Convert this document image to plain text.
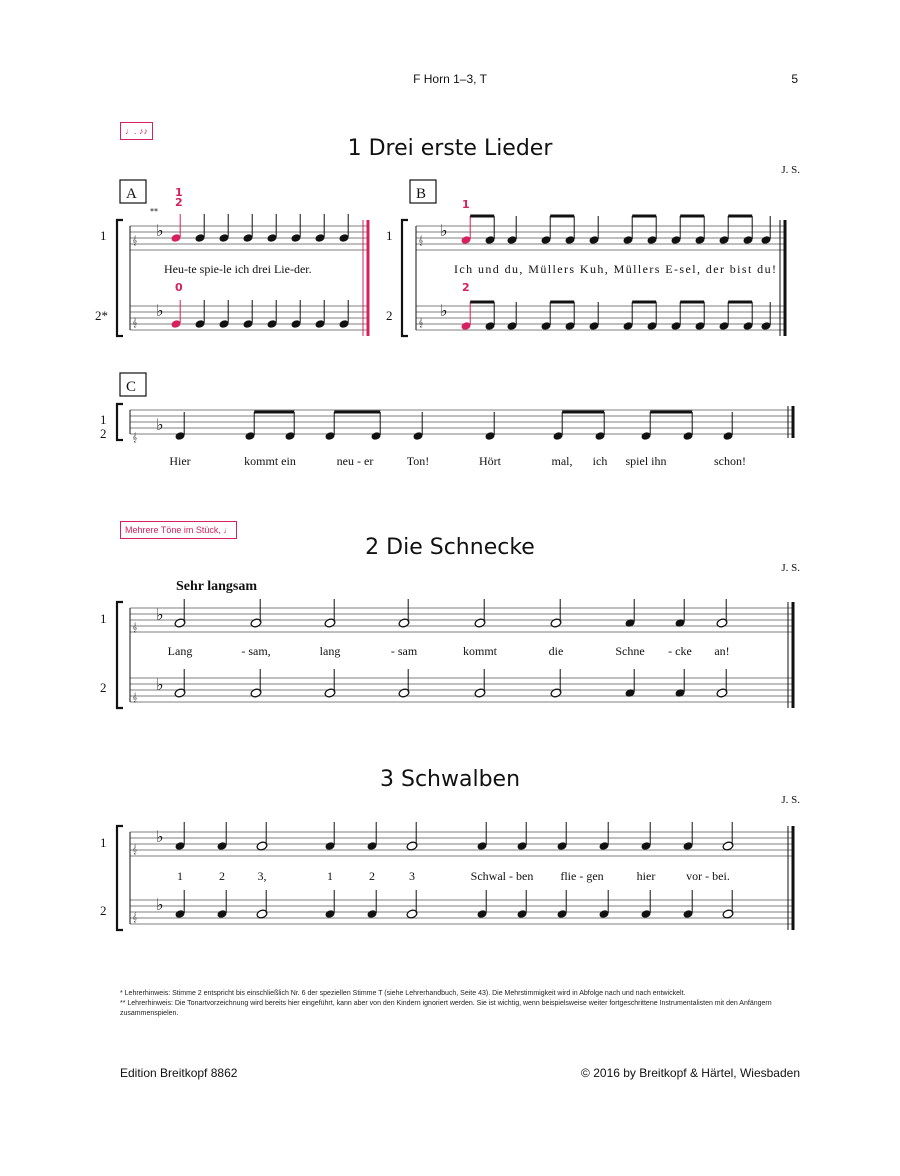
F Horn 1–3, T	5
♩. ♪♪
1 Drei erste Lieder
J. S.
Mehrere Töne im Stück, ♩
2 Die Schnecke
J. S.
Sehr langsam
3 Schwalben
J. S.
A
1
2*
**
Heu-te spie-le ich drei Lie-der.
1
2
0
B
1
2
Ich und du, Müllers Kuh, Müllers E-sel, der bist du!
1
2
C
1
2
1
2
1
2
𝄞
𝄞
♭
♭
𝄞
𝄞
♭
♭
𝄞
♭
Hier	kommt ein	neu - er	Ton!	Hört	mal, ich spiel ihn	schon!
𝄞
𝄞
♭
♭
Lang	- sam,	lang	- sam	kommt	die	Schne - cke an!
𝄞
𝄞
♭
♭
1	2	3,	1	2	3	Schwal - ben flie - gen	hier	vor - bei.

* Lehrerhinweis: Stimme 2 entspricht bis einschließlich Nr. 6 der speziellen Stimme T (siehe Lehrerhandbuch, Seite 43). Die Mehrstimmigkeit wird in Abfolge nach und nach entwickelt.

** Lehrerhinweis: Die Tonartvorzeichnung wird bereits hier eingeführt, kann aber von den Kindern ignoriert werden. Sie ist wichtig, wenn beispielsweise weiter fortgeschrittene Instrumentalisten mit den Anfängern zusammenspielen.

Edition Breitkopf 8862	© 2016 by Breitkopf & Härtel, Wiesbaden
